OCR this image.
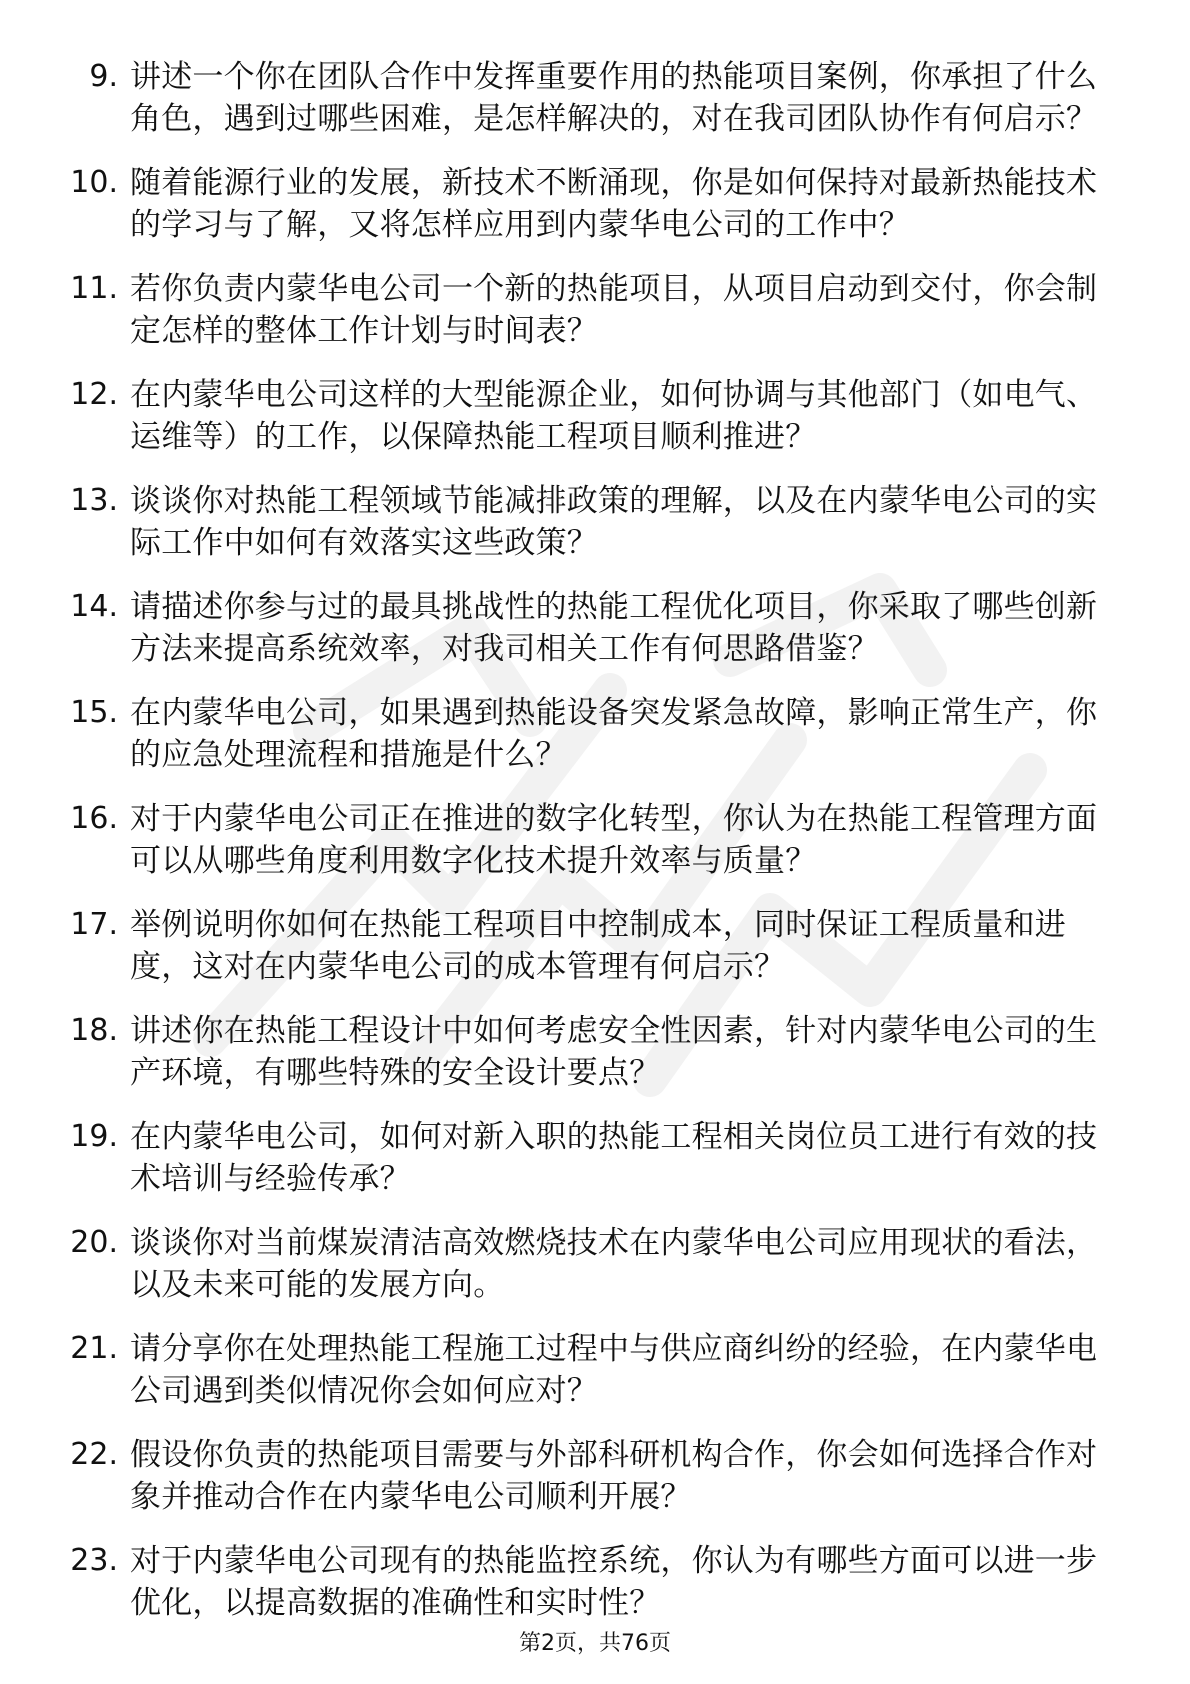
9. 讲述一个你在团队合作中发挥重要作用的热能项目案例，你承担了什么角色，遇到过哪些困难，是怎样解决的，对在我司团队协作有何启示？
10. 随着能源行业的发展，新技术不断涌现，你是如何保持对最新热能技术的学习与了解，又将怎样应用到内蒙华电公司的工作中？
11. 若你负责内蒙华电公司一个新的热能项目，从项目启动到交付，你会制定怎样的整体工作计划与时间表？
12. 在内蒙华电公司这样的大型能源企业，如何协调与其他部门（如电气、运维等）的工作，以保障热能工程项目顺利推进？
13. 谈谈你对热能工程领域节能减排政策的理解，以及在内蒙华电公司的实际工作中如何有效落实这些政策？
14. 请描述你参与过的最具挑战性的热能工程优化项目，你采取了哪些创新方法来提高系统效率，对我司相关工作有何思路借鉴？
15. 在内蒙华电公司，如果遇到热能设备突发紧急故障，影响正常生产，你的应急处理流程和措施是什么？
16. 对于内蒙华电公司正在推进的数字化转型，你认为在热能工程管理方面可以从哪些角度利用数字化技术提升效率与质量？
17. 举例说明你如何在热能工程项目中控制成本，同时保证工程质量和进度，这对在内蒙华电公司的成本管理有何启示？
18. 讲述你在热能工程设计中如何考虑安全性因素，针对内蒙华电公司的生产环境，有哪些特殊的安全设计要点？
19. 在内蒙华电公司，如何对新入职的热能工程相关岗位员工进行有效的技术培训与经验传承？
20. 谈谈你对当前煤炭清洁高效燃烧技术在内蒙华电公司应用现状的看法，以及未来可能的发展方向。
21. 请分享你在处理热能工程施工过程中与供应商纠纷的经验，在内蒙华电公司遇到类似情况你会如何应对？
22. 假设你负责的热能项目需要与外部科研机构合作，你会如何选择合作对象并推动合作在内蒙华电公司顺利开展？
23. 对于内蒙华电公司现有的热能监控系统，你认为有哪些方面可以进一步优化，以提高数据的准确性和实时性？
第2页，共76页
